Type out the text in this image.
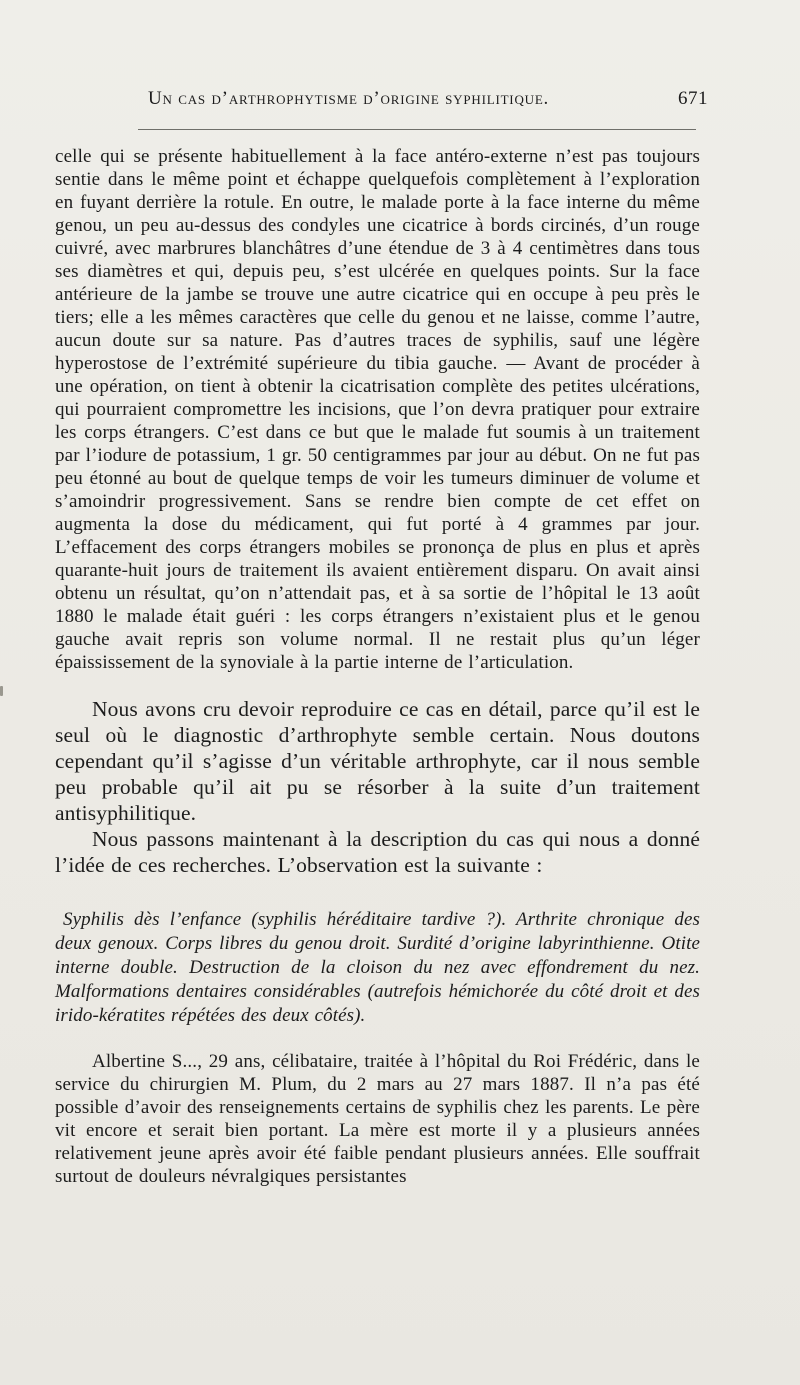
Un cas d’arthrophytisme d’origine syphilitique.	671

celle qui se présente habituellement à la face antéro-externe n’est pas toujours sentie dans le même point et échappe quelquefois complètement à l’exploration en fuyant derrière la rotule. En outre, le malade porte à la face interne du même genou, un peu au-dessus des condyles une cicatrice à bords circinés, d’un rouge cuivré, avec marbrures blanchâtres d’une étendue de 3 à 4 centimètres dans tous ses diamètres et qui, depuis peu, s’est ulcérée en quelques points. Sur la face antérieure de la jambe se trouve une autre cicatrice qui en occupe à peu près le tiers; elle a les mêmes caractères que celle du genou et ne laisse, comme l’autre, aucun doute sur sa nature. Pas d’autres traces de syphilis, sauf une légère hyperostose de l’extrémité supérieure du tibia gauche. — Avant de procéder à une opération, on tient à obtenir la cicatrisation complète des petites ulcérations, qui pourraient compromettre les incisions, que l’on devra pratiquer pour extraire les corps étrangers. C’est dans ce but que le malade fut soumis à un traitement par l’iodure de potassium, 1 gr. 50 centigrammes par jour au début. On ne fut pas peu étonné au bout de quelque temps de voir les tumeurs diminuer de volume et s’amoindrir progressivement. Sans se rendre bien compte de cet effet on augmenta la dose du médicament, qui fut porté à 4 grammes par jour. L’effacement des corps étrangers mobiles se prononça de plus en plus et après quarante-huit jours de traitement ils avaient entièrement disparu. On avait ainsi obtenu un résultat, qu’on n’attendait pas, et à sa sortie de l’hôpital le 13 août 1880 le malade était guéri : les corps étrangers n’existaient plus et le genou gauche avait repris son volume normal. Il ne restait plus qu’un léger épaississement de la synoviale à la partie interne de l’articulation.

Nous avons cru devoir reproduire ce cas en détail, parce qu’il est le seul où le diagnostic d’arthrophyte semble certain. Nous doutons cependant qu’il s’agisse d’un véritable arthrophyte, car il nous semble peu probable qu’il ait pu se résorber à la suite d’un traitement antisyphilitique.

Nous passons maintenant à la description du cas qui nous a donné l’idée de ces recherches. L’observation est la suivante :

Syphilis dès l’enfance (syphilis héréditaire tardive ?). Arthrite chronique des deux genoux. Corps libres du genou droit. Surdité d’origine labyrinthienne. Otite interne double. Destruction de la cloison du nez avec effondrement du nez. Malformations dentaires considérables (autrefois hémichorée du côté droit et des irido-kératites répétées des deux côtés).

Albertine S..., 29 ans, célibataire, traitée à l’hôpital du Roi Frédéric, dans le service du chirurgien M. Plum, du 2 mars au 27 mars 1887. Il n’a pas été possible d’avoir des renseignements certains de syphilis chez les parents. Le père vit encore et serait bien portant. La mère est morte il y a plusieurs années relativement jeune après avoir été faible pendant plusieurs années. Elle souffrait surtout de douleurs névralgiques persistantes
